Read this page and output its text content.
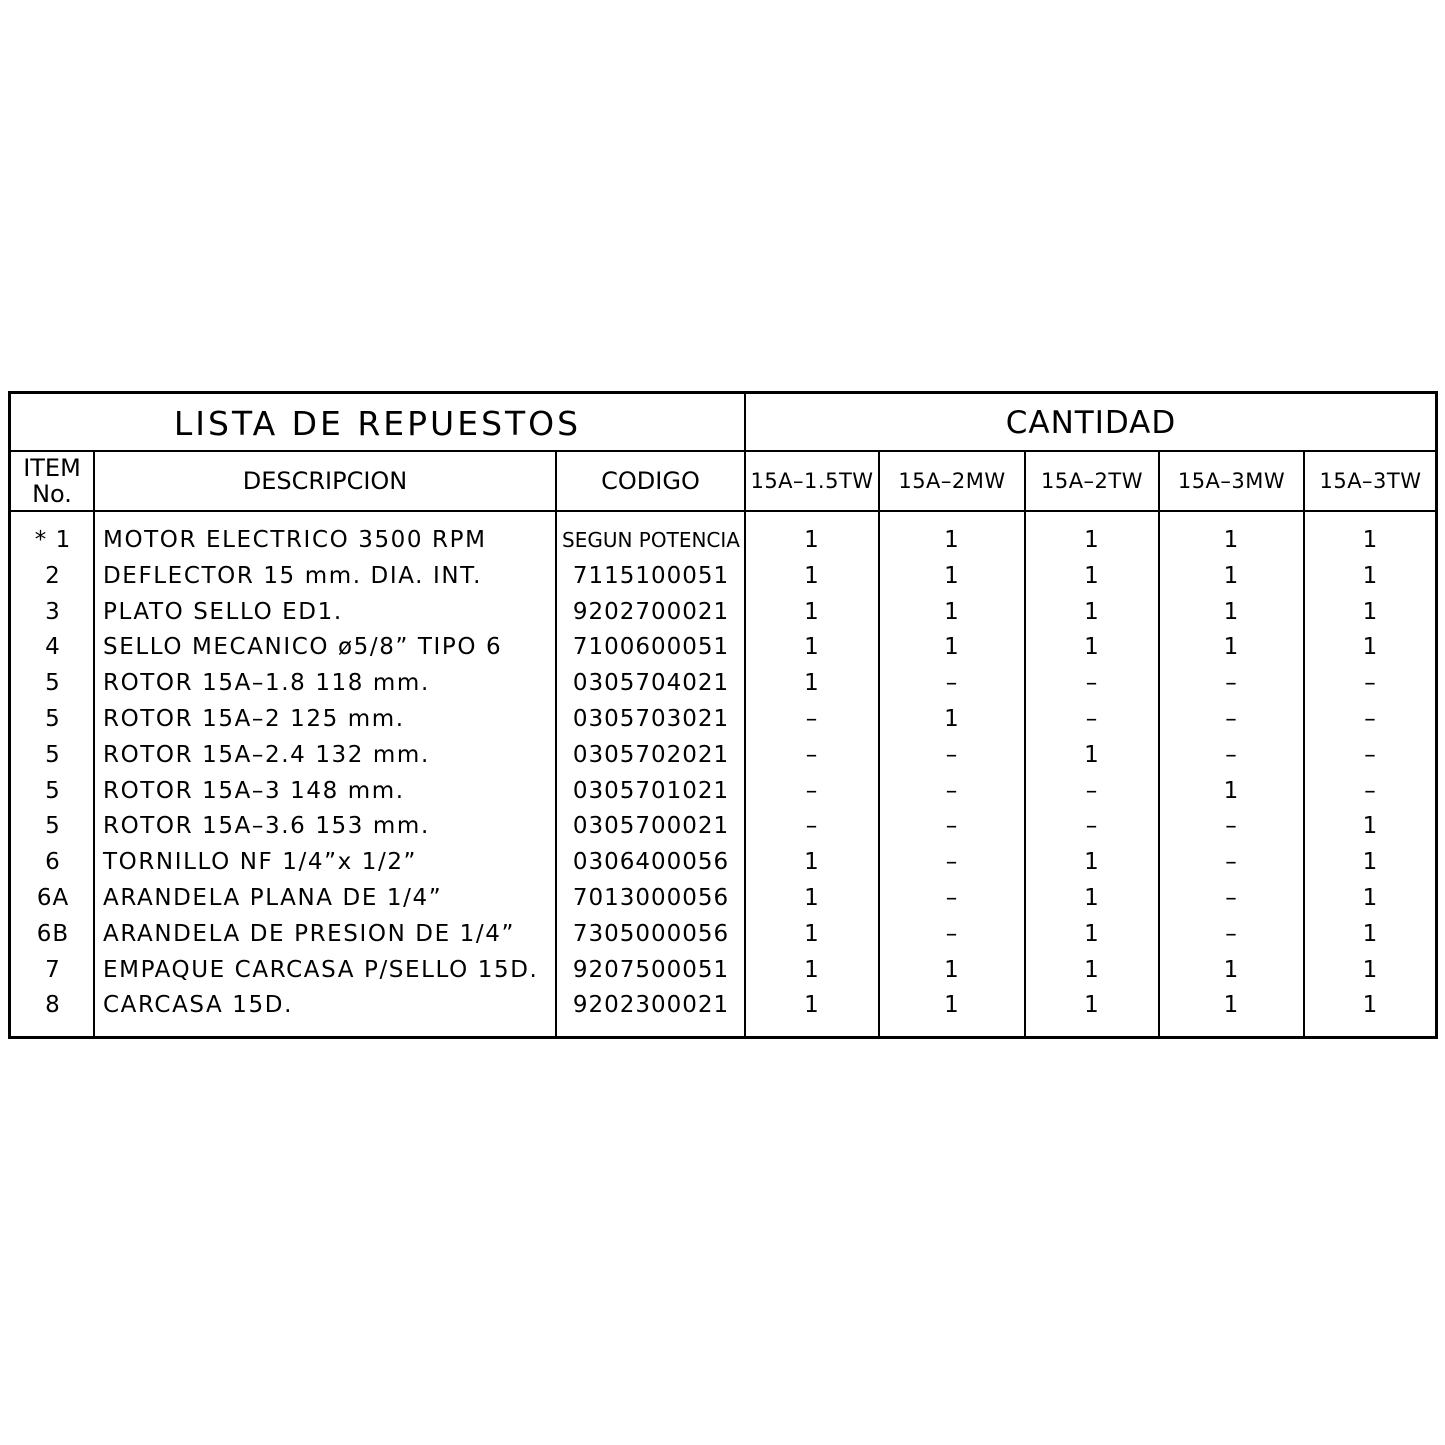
LISTA DE REPUESTOS	CANTIDAD
ITEM
No.	DESCRIPCION	CODIGO	15A–1.5TW	15A–2MW	15A–2TW	15A–3MW	15A–3TW
* 1	MOTOR ELECTRICO 3500 RPM	SEGUN POTENCIA	1	1	1	1	1
2	DEFLECTOR 15 mm. DIA. INT.	7115100051	1	1	1	1	1
3	PLATO SELLO ED1.	9202700021	1	1	1	1	1
4	SELLO MECANICO ø5/8” TIPO 6	7100600051	1	1	1	1	1
5	ROTOR 15A–1.8 118 mm.	0305704021	1	–	–	–	–
5	ROTOR 15A–2 125 mm.	0305703021	–	1	–	–	–
5	ROTOR 15A–2.4 132 mm.	0305702021	–	–	1	–	–
5	ROTOR 15A–3 148 mm.	0305701021	–	–	–	1	–
5	ROTOR 15A–3.6 153 mm.	0305700021	–	–	–	–	1
6	TORNILLO NF 1/4”x 1/2”	0306400056	1	–	1	–	1
6A	ARANDELA PLANA DE 1/4”	7013000056	1	–	1	–	1
6B	ARANDELA DE PRESION DE 1/4”	7305000056	1	–	1	–	1
7	EMPAQUE CARCASA P/SELLO 15D.	9207500051	1	1	1	1	1
8	CARCASA 15D.	9202300021	1	1	1	1	1
